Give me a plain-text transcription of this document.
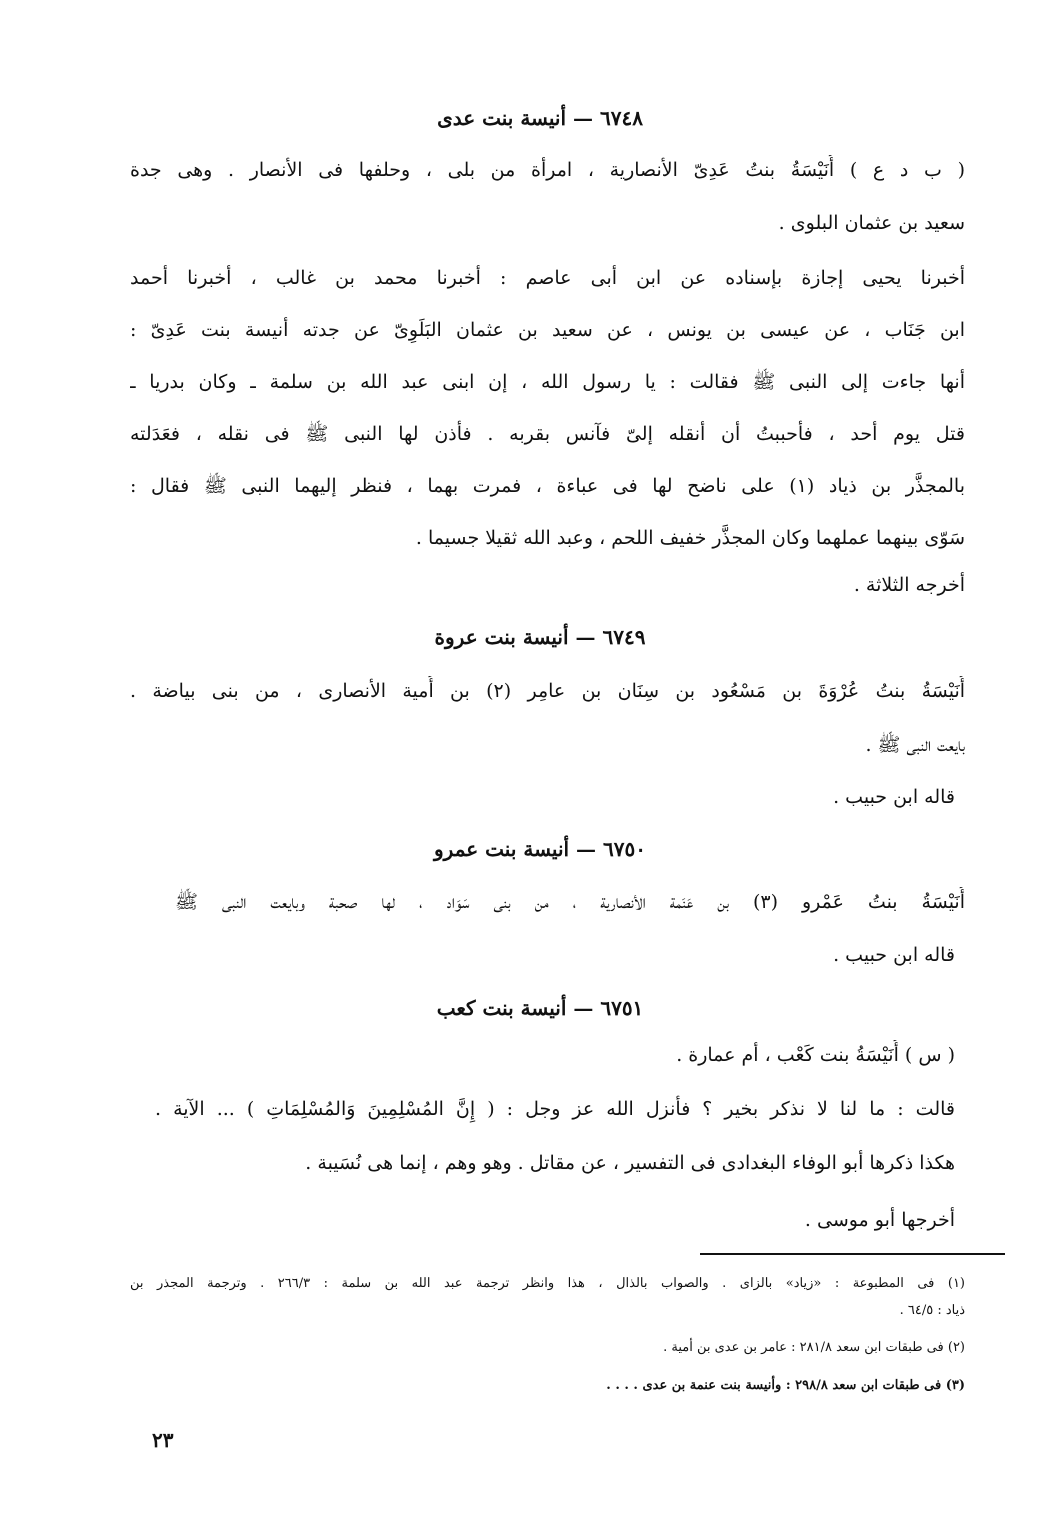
٦٧٤٨ — أنيسة بنت عدى
( ب د ع ) أُنَيْسَةُ بنتُ عَدِىّ الأنصارية ، امرأة من بلى ، وحلفها فى الأنصار . وهى جدة
سعيد بن عثمان البلوى .
أخبرنا يحيى إجازة بإسناده عن ابن أبى عاصم : أخبرنا محمد بن غالب ، أخبرنا أحمد
ابن جَنَاب ، عن عيسى بن يونس ، عن سعيد بن عثمان البَلَوِىّ عن جدته أنيسة بنت عَدِىّ :
أنها جاءت إلى النبى ﷺ فقالت : يا رسول الله ، إن ابنى عبد الله بن سلمة ـ وكان بدريا ـ
قتل يوم أحد ، فأحببتُ أن أنقله إلىّ فآنس بقربه . فأذن لها النبى ﷺ فى نقله ، فعَدَلته
بالمجذَّر بن ذياد (١) على ناضح لها فى عباءة ، فمرت بهما ، فنظر إليهما النبى ﷺ فقال :
سَوّى بينهما عملهما وكان المجذَّر خفيف اللحم ، وعبد الله ثقيلا جسيما .
أخرجه الثلاثة .
٦٧٤٩ — أنيسة بنت عروة
أُنَيْسَةُ بنتُ عُرْوَةَ بن مَسْعُود بن سِنَان بن عامِر (٢) بن أُمية الأنصارى ، من بنى بياضة .
بايعت النبى ﷺ .
قاله ابن حبيب .
٦٧٥٠ — أنيسة بنت عمرو
أُنَيْسَةُ بنتُ عَمْرو (٣) بن عَنَمة الأنصارية ، من بنى سَوَاد ، لها صحبة وبايعت النبى ﷺ
قاله ابن حبيب .
٦٧٥١ — أنيسة بنت كعب
( س ) أُنَيْسَةُ بنت كَعْب ، أم عمارة .
قالت : ما لنا لا نذكر بخير ؟ فأنزل الله عز وجل : ( إِنَّ المُسْلِمِينَ وَالمُسْلِمَاتِ ) ... الآية .
هكذا ذكرها أبو الوفاء البغدادى فى التفسير ، عن مقاتل . وهو وهم ، إنما هى نُسَيبة .
أخرجها أبو موسى .
(١) فى المطبوعة : «زياد» بالزاى . والصواب بالذال ، هذا وانظر ترجمة عبد الله بن سلمة : ٢٦٦/٣ . وترجمة المجذر بن
ذياد : ٦٤/٥ .
(٢) فى طبقات ابن سعد ٢٨١/٨ : عامر بن عدى بن أمية .
(٣) فى طبقات ابن سعد ٢٩٨/٨ : وأنيسة بنت عنمة بن عدى . . . .
٢٣
